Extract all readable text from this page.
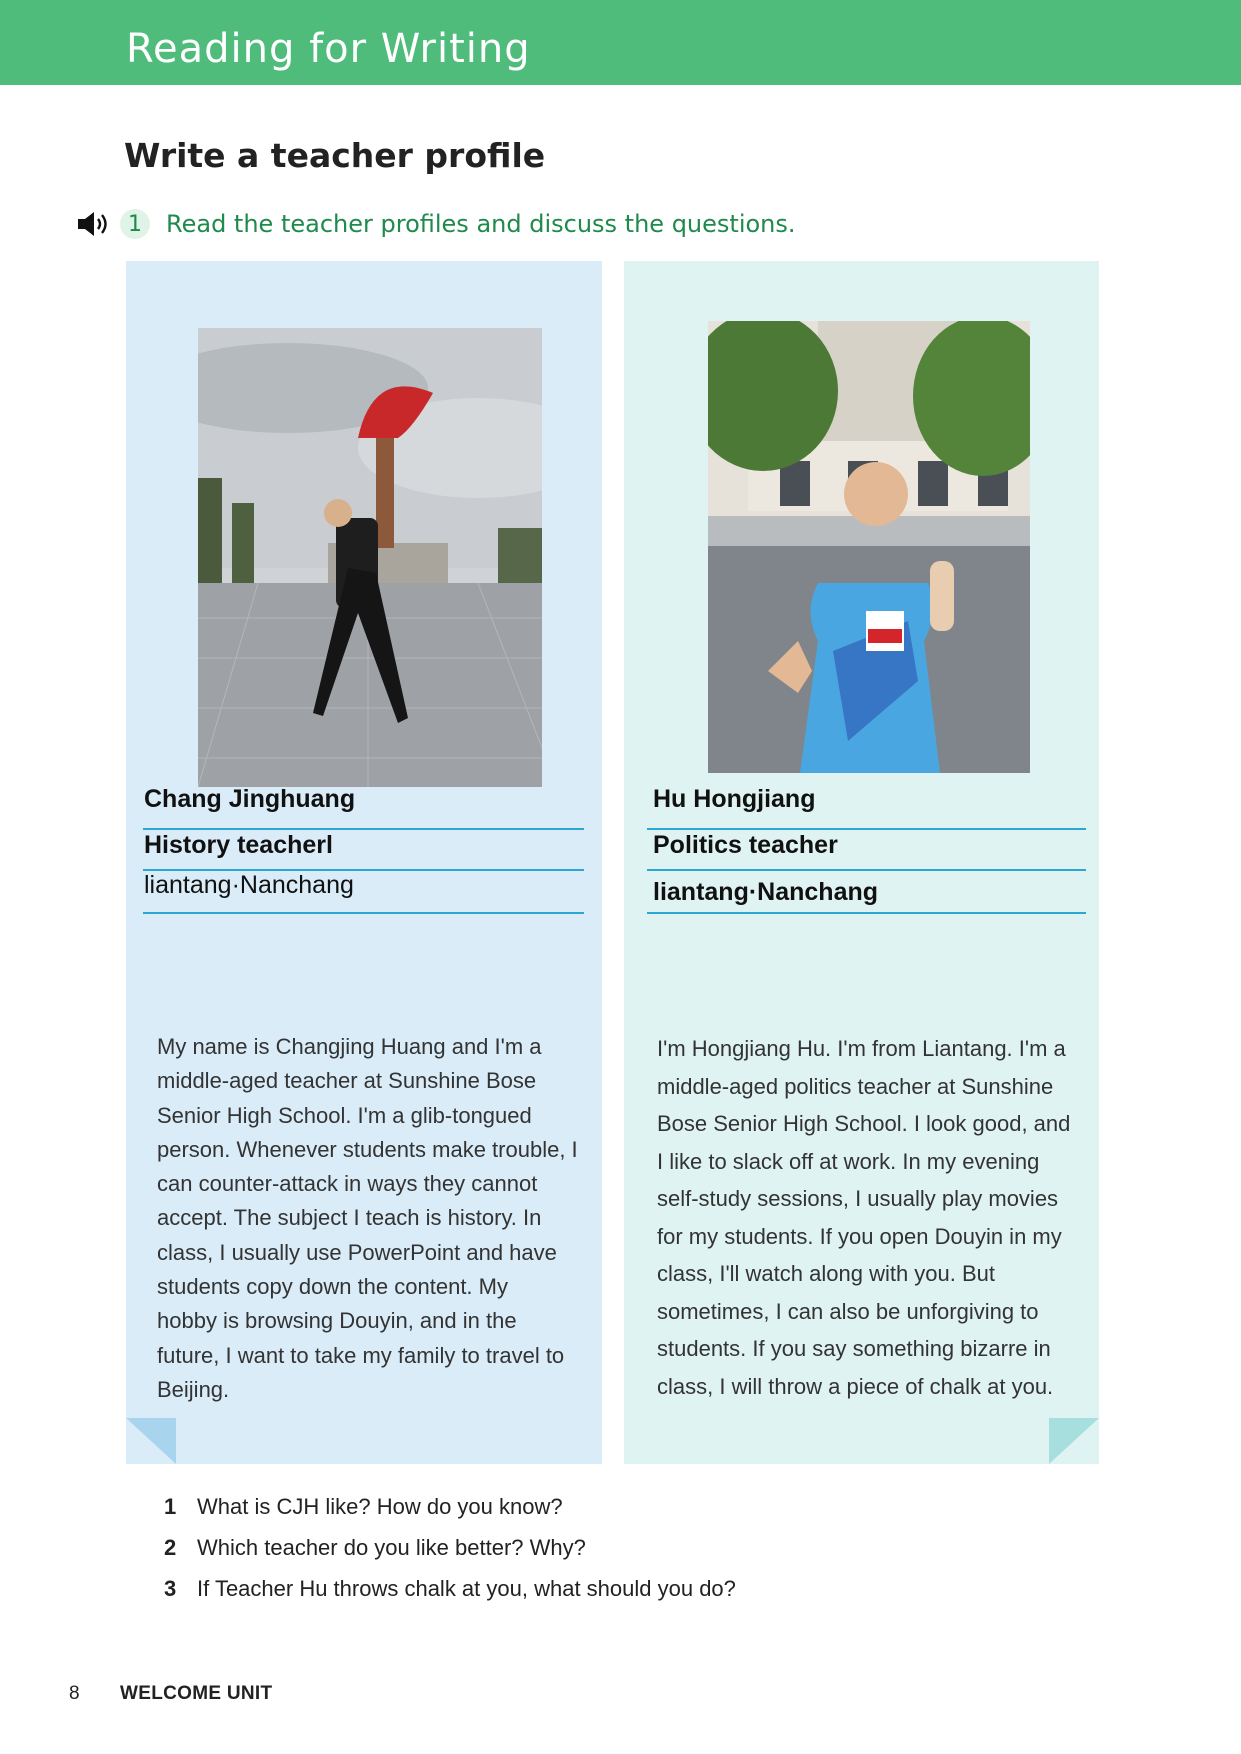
Reading for Writing
Write a teacher profile
1	Read the teacher profiles and discuss the questions.
Chang Jinghuang
History teacherl
liantang·Nanchang
My name is Changjing Huang and I'm a
middle-aged teacher at Sunshine Bose
Senior High School. I'm a glib-tongued
person. Whenever students make trouble, I
can counter-attack in ways they cannot
accept. The subject I teach is history. In
class, I usually use PowerPoint and have
students copy down the content. My
hobby is browsing Douyin, and in the
future, I want to take my family to travel to
Beijing.
Hu Hongjiang
Politics teacher
liantang·Nanchang
I'm Hongjiang Hu. I'm from Liantang. I'm a
middle-aged politics teacher at Sunshine
Bose Senior High School. I look good, and
I like to slack off at work. In my evening
self-study sessions, I usually play movies
for my students. If you open Douyin in my
class, I'll watch along with you. But
sometimes, I can also be unforgiving to
students. If you say something bizarre in
class, I will throw a piece of chalk at you.
1 What is CJH like? How do you know?
2 Which teacher do you like better? Why?
3 If Teacher Hu throws chalk at you, what should you do?
8 WELCOME UNIT
